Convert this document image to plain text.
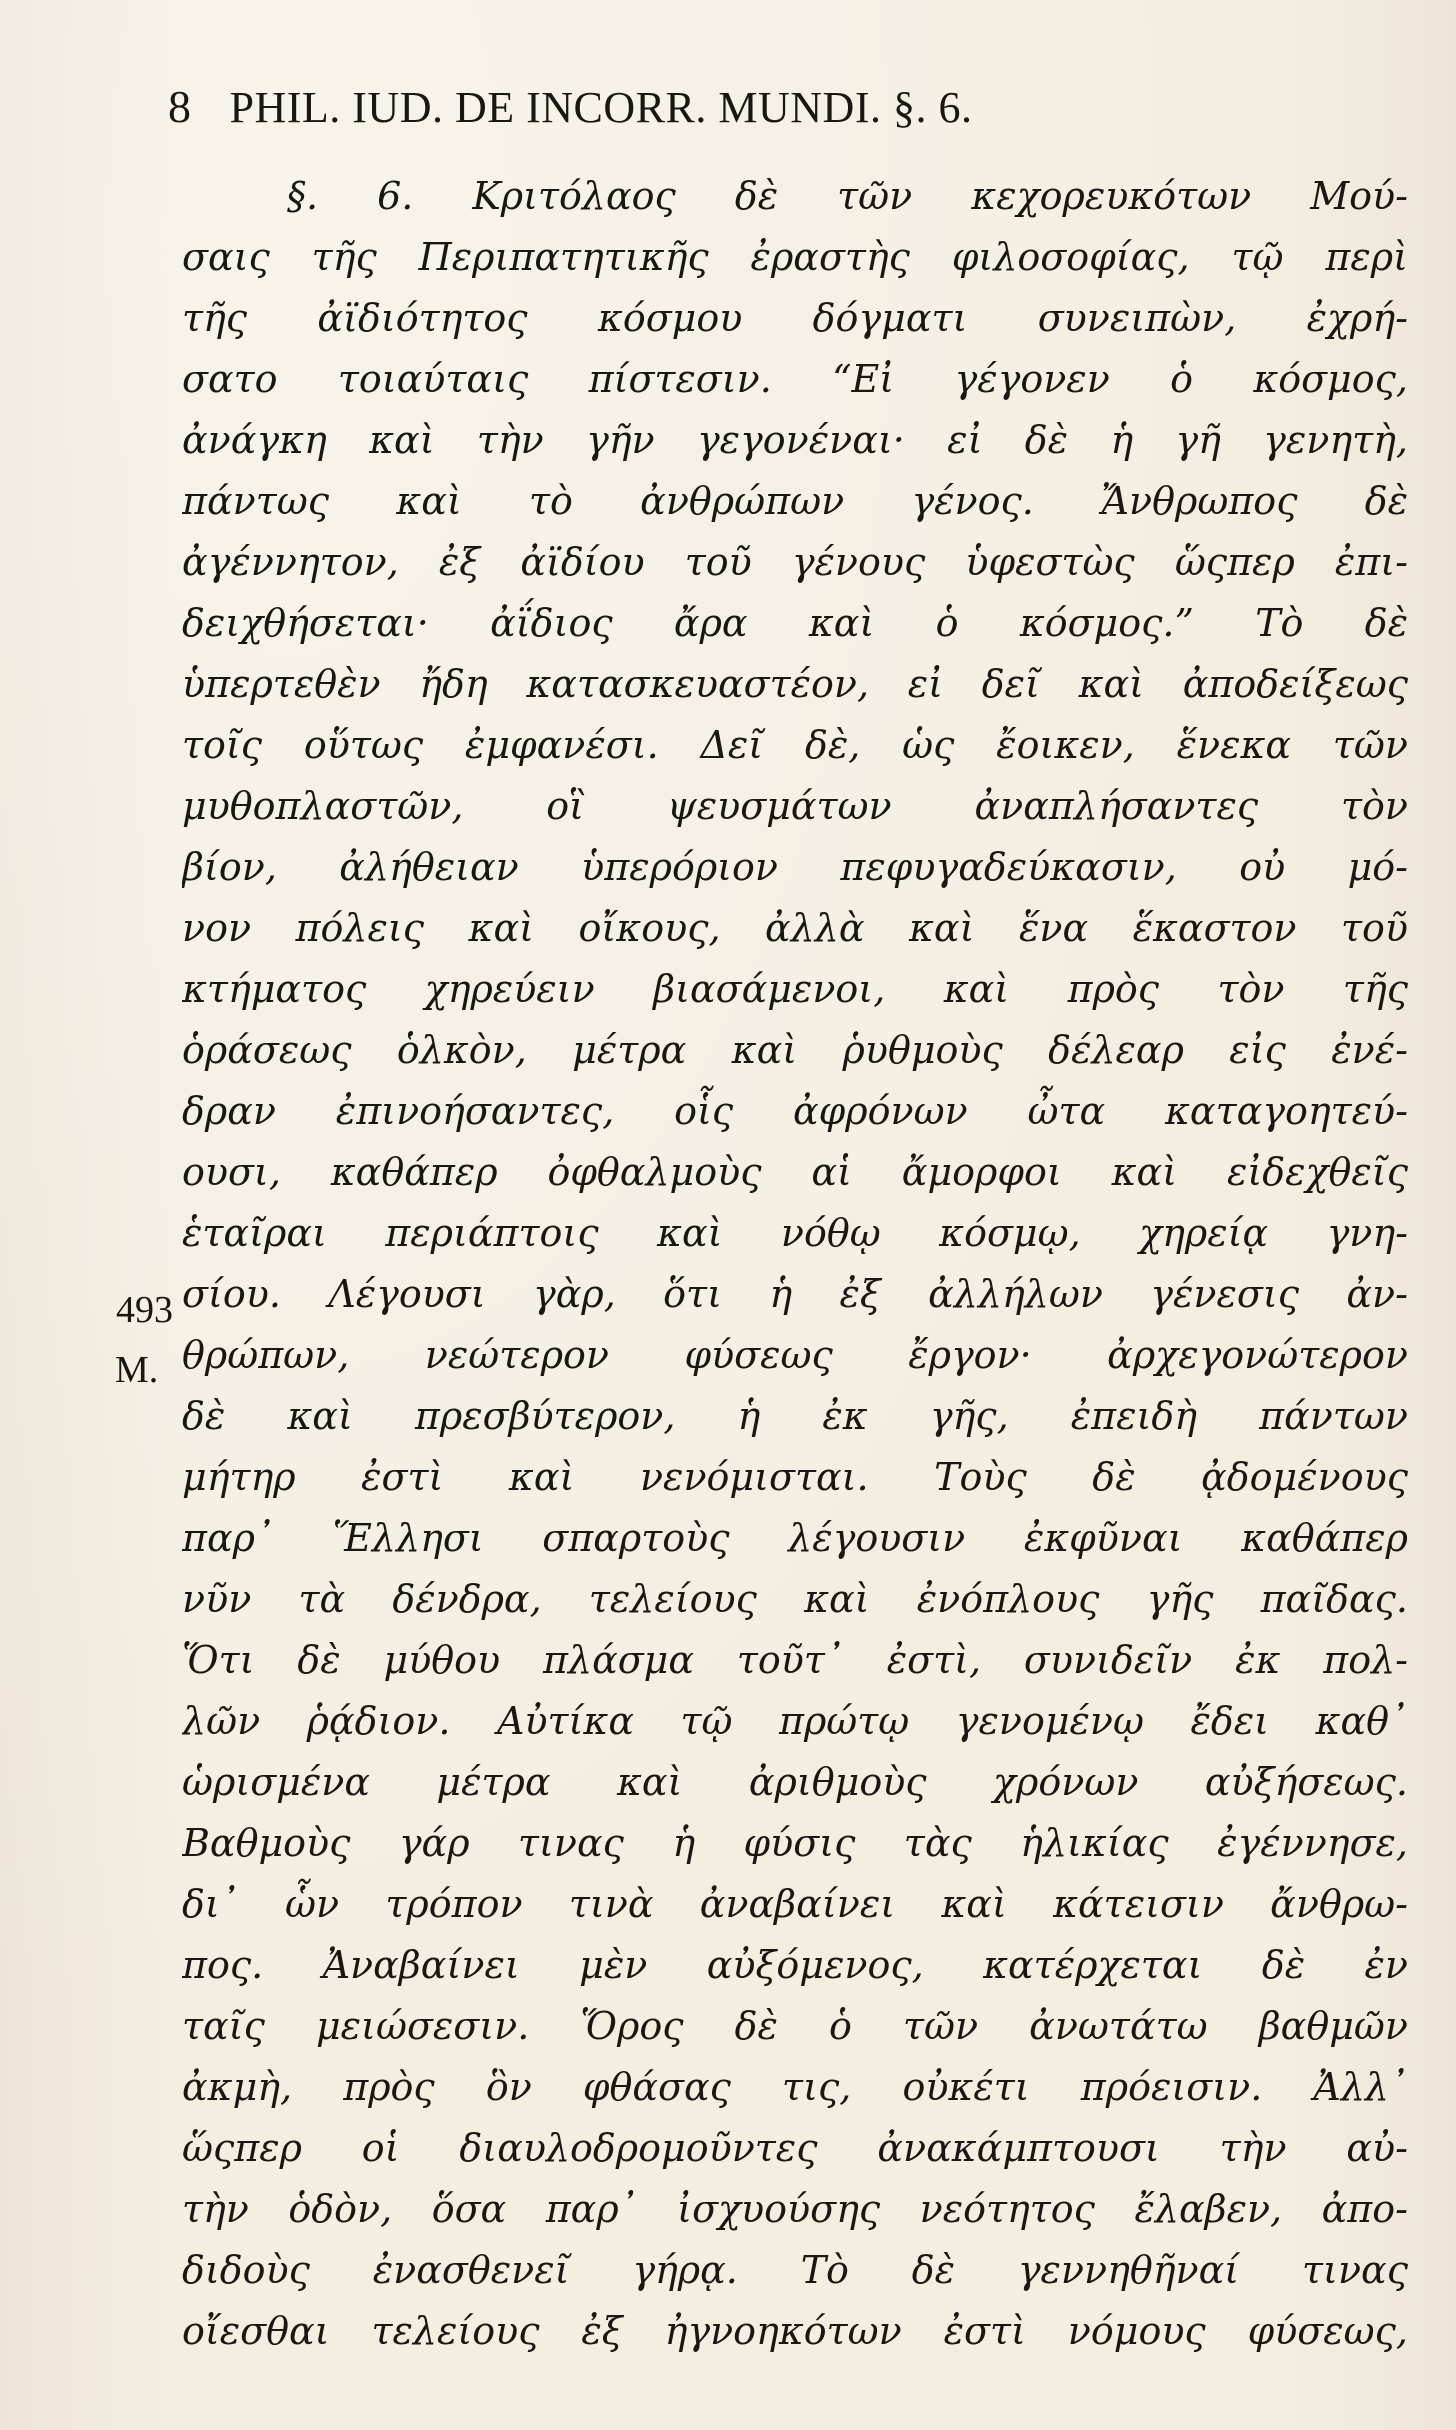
8 PHIL. IUD. DE INCORR. MUNDI. §. 6.
493
M.
§. 6. Κριτόλαος δὲ τῶν κεχορευκότων Μού-
σαις τῆς Περιπατητικῆς ἐραστὴς φιλοσοφίας, τῷ περὶ
τῆς ἀϊδιότητος κόσμου δόγματι συνειπὼν, ἐχρή-
σατο τοιαύταις πίστεσιν. “Εἰ γέγονεν ὁ κόσμος,
ἀνάγκη καὶ τὴν γῆν γεγονέναι· εἰ δὲ ἡ γῆ γενητὴ,
πάντως καὶ τὸ ἀνθρώπων γένος. Ἄνθρωπος δὲ
ἀγέννητον, ἐξ ἀϊδίου τοῦ γένους ὑφεστὼς ὥςπερ ἐπι-
δειχθήσεται· ἀΐδιος ἄρα καὶ ὁ κόσμος.” Τὸ δὲ
ὑπερτεθὲν ἤδη κατασκευαστέον, εἰ δεῖ καὶ ἀποδείξεως
τοῖς οὕτως ἐμφανέσι. Δεῖ δὲ, ὡς ἔοικεν, ἕνεκα τῶν
μυθοπλαστῶν, οἳ ψευσμάτων ἀναπλήσαντες τὸν
βίον, ἀλήθειαν ὑπερόριον πεφυγαδεύκασιν, οὐ μό-
νον πόλεις καὶ οἴκους, ἀλλὰ καὶ ἕνα ἕκαστον τοῦ
κτήματος χηρεύειν βιασάμενοι, καὶ πρὸς τὸν τῆς
ὁράσεως ὁλκὸν, μέτρα καὶ ῥυθμοὺς δέλεαρ εἰς ἐνέ-
δραν ἐπινοήσαντες, οἷς ἀφρόνων ὦτα καταγοητεύ-
ουσι, καθάπερ ὀφθαλμοὺς αἱ ἄμορφοι καὶ εἰδεχθεῖς
ἑταῖραι περιάπτοις καὶ νόθῳ κόσμῳ, χηρείᾳ γνη-
σίου. Λέγουσι γὰρ, ὅτι ἡ ἐξ ἀλλήλων γένεσις ἀν-
θρώπων, νεώτερον φύσεως ἔργον· ἀρχεγονώτερον
δὲ καὶ πρεσβύτερον, ἡ ἐκ γῆς, ἐπειδὴ πάντων
μήτηρ ἐστὶ καὶ νενόμισται. Τοὺς δὲ ᾀδομένους
παρ᾽ Ἕλλησι σπαρτοὺς λέγουσιν ἐκφῦναι καθάπερ
νῦν τὰ δένδρα, τελείους καὶ ἐνόπλους γῆς παῖδας.
Ὅτι δὲ μύθου πλάσμα τοῦτ᾽ ἐστὶ, συνιδεῖν ἐκ πολ-
λῶν ῥᾴδιον. Αὐτίκα τῷ πρώτῳ γενομένῳ ἔδει καθ᾽
ὡρισμένα μέτρα καὶ ἀριθμοὺς χρόνων αὐξήσεως.
Βαθμοὺς γάρ τινας ἡ φύσις τὰς ἡλικίας ἐγέννησε,
δι᾽ ὧν τρόπον τινὰ ἀναβαίνει καὶ κάτεισιν ἄνθρω-
πος. Ἀναβαίνει μὲν αὐξόμενος, κατέρχεται δὲ ἐν
ταῖς μειώσεσιν. Ὅρος δὲ ὁ τῶν ἀνωτάτω βαθμῶν
ἀκμὴ, πρὸς ὃν φθάσας τις, οὐκέτι πρόεισιν. Ἀλλ᾽
ὥςπερ οἱ διαυλοδρομοῦντες ἀνακάμπτουσι τὴν αὐ-
τὴν ὁδὸν, ὅσα παρ᾽ ἰσχυούσης νεότητος ἔλαβεν, ἀπο-
διδοὺς ἐνασθενεῖ γήρᾳ. Τὸ δὲ γεννηθῆναί τινας
οἴεσθαι τελείους ἐξ ἠγνοηκότων ἐστὶ νόμους φύσεως,
